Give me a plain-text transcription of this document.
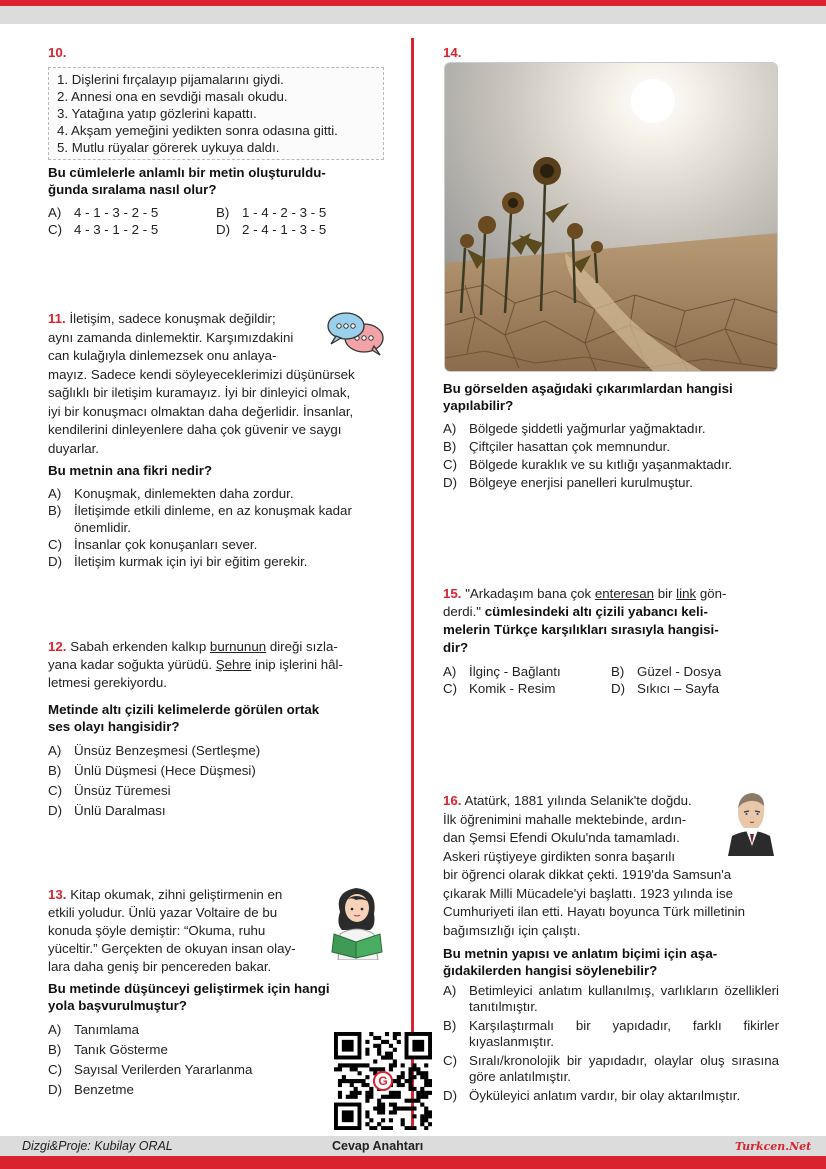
10.
1. Dişlerini fırçalayıp pijamalarını giydi.
2. Annesi ona en sevdiği masalı okudu.
3. Yatağına yatıp gözlerini kapattı.
4. Akşam yemeğini yedikten sonra odasına gitti.
5. Mutlu rüyalar görerek uykuya daldı.
Bu cümlelerle anlamlı bir metin oluşturuldu-
ğunda sıralama nasıl olur?
A) 4 - 1 - 3 - 2 - 5	B) 1 - 4 - 2 - 3 - 5
C) 4 - 3 - 1 - 2 - 5	D) 2 - 4 - 1 - 3 - 5
11. İletişim, sadece konuşmak değildir;
aynı zamanda dinlemektir. Karşımızdakini
can kulağıyla dinlemezsek onu anlaya-
mayız. Sadece kendi söyleyeceklerimizi düşünürsek
sağlıklı bir iletişim kuramayız. İyi bir dinleyici olmak,
iyi bir konuşmacı olmaktan daha değerlidir. İnsanlar,
kendilerini dinleyenlere daha çok güvenir ve saygı
duyarlar.
Bu metnin ana fikri nedir?
A) Konuşmak, dinlemekten daha zordur.
B) İletişimde etkili dinleme, en az konuşmak kadar önemlidir.
C) İnsanlar çok konuşanları sever.
D) İletişim kurmak için iyi bir eğitim gerekir.
12. Sabah erkenden kalkıp burnunun direği sızla-
yana kadar soğukta yürüdü. Şehre inip işlerini hâl-
letmesi gerekiyordu.
Metinde altı çizili kelimelerde görülen ortak
ses olayı hangisidir?
A) Ünsüz Benzeşmesi (Sertleşme)
B) Ünlü Düşmesi (Hece Düşmesi)
C) Ünsüz Türemesi
D) Ünlü Daralması
13. Kitap okumak, zihni geliştirmenin en
etkili yoludur. Ünlü yazar Voltaire de bu
konuda şöyle demiştir: “Okuma, ruhu
yüceltir.” Gerçekten de okuyan insan olay-
lara daha geniş bir pencereden bakar.
Bu metinde düşünceyi geliştirmek için hangi
yola başvurulmuştur?
A) Tanımlama
B) Tanık Gösterme
C) Sayısal Verilerden Yararlanma
D) Benzetme
14.
Bu görselden aşağıdaki çıkarımlardan hangisi
yapılabilir?
A) Bölgede şiddetli yağmurlar yağmaktadır.
B) Çiftçiler hasattan çok memnundur.
C) Bölgede kuraklık ve su kıtlığı yaşanmaktadır.
D) Bölgeye enerjisi panelleri kurulmuştur.
15. "Arkadaşım bana çok enteresan bir link gön-
derdi." cümlesindeki altı çizili yabancı keli-
melerin Türkçe karşılıkları sırasıyla hangisi-
dir?
A) İlginç - Bağlantı	B) Güzel - Dosya
C) Komik - Resim	D) Sıkıcı – Sayfa
16. Atatürk, 1881 yılında Selanik'te doğdu.
İlk öğrenimini mahalle mektebinde, ardın-
dan Şemsi Efendi Okulu'nda tamamladı.
Askeri rüştiyeye girdikten sonra başarılı
bir öğrenci olarak dikkat çekti. 1919'da Samsun'a
çıkarak Milli Mücadele'yi başlattı. 1923 yılında ise
Cumhuriyeti ilan etti. Hayatı boyunca Türk milletinin
bağımsızlığı için çalıştı.
Bu metnin yapısı ve anlatım biçimi için aşa-
ğıdakilerden hangisi söylenebilir?
A) Betimleyici anlatım kullanılmış, varlıkların özellikleri tanıtılmıştır.
B) Karşılaştırmalı bir yapıdadır, farklı fikirler kıyaslanmıştır.
C) Sıralı/kronolojik bir yapıdadır, olaylar oluş sırasına göre anlatılmıştır.
D) Öyküleyici anlatım vardır, bir olay aktarılmıştır.
G
Dizgi&Proje: Kubilay ORAL	Cevap Anahtarı	Turkcen.Net
